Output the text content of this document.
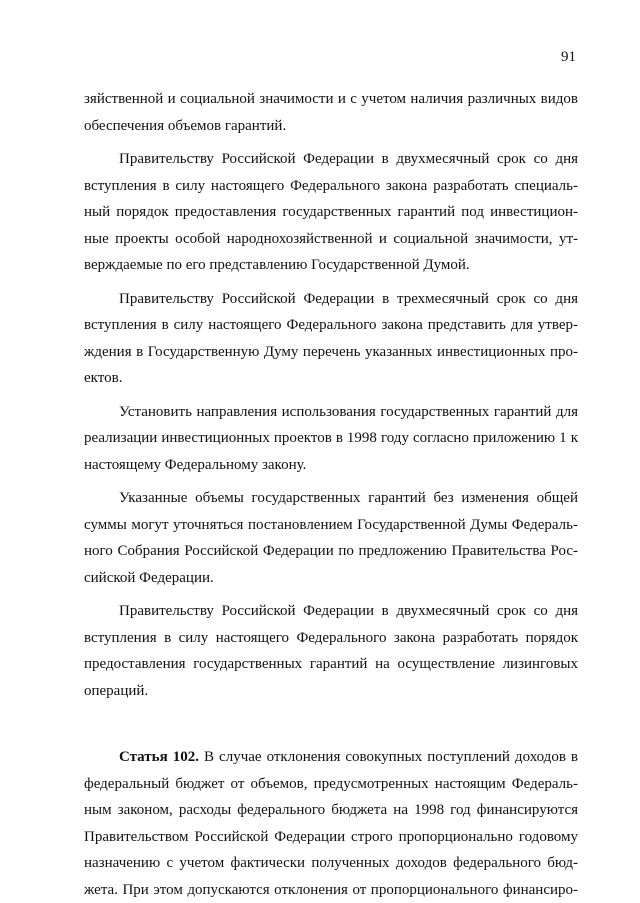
91

зяйственной и социальной значимости и с учетом наличия различных видов
обеспечения объемов гарантий.

Правительству Российской Федерации в двухмесячный срок со дня
вступления в силу настоящего Федерального закона разработать специаль-
ный порядок предоставления государственных гарантий под инвестицион-
ные проекты особой народнохозяйственной и социальной значимости, ут-
верждаемые по его представлению Государственной Думой.

Правительству Российской Федерации в трехмесячный срок со дня
вступления в силу настоящего Федерального закона представить для утвер-
ждения в Государственную Думу перечень указанных инвестиционных про-
ектов.

Установить направления использования государственных гарантий для
реализации инвестиционных проектов в 1998 году согласно приложению 1 к
настоящему Федеральному закону.

Указанные объемы государственных гарантий без изменения общей
суммы могут уточняться постановлением Государственной Думы Федераль-
ного Собрания Российской Федерации по предложению Правительства Рос-
сийской Федерации.

Правительству Российской Федерации в двухмесячный срок со дня
вступления в силу настоящего Федерального закона разработать порядок
предоставления государственных гарантий на осуществление лизинговых
операций.

Статья 102. В случае отклонения совокупных поступлений доходов в
федеральный бюджет от объемов, предусмотренных настоящим Федераль-
ным законом, расходы федерального бюджета на 1998 год финансируются
Правительством Российской Федерации строго пропорционально годовому
назначению с учетом фактически полученных доходов федерального бюд-
жета. При этом допускаются отклонения от пропорционального финансиро-
